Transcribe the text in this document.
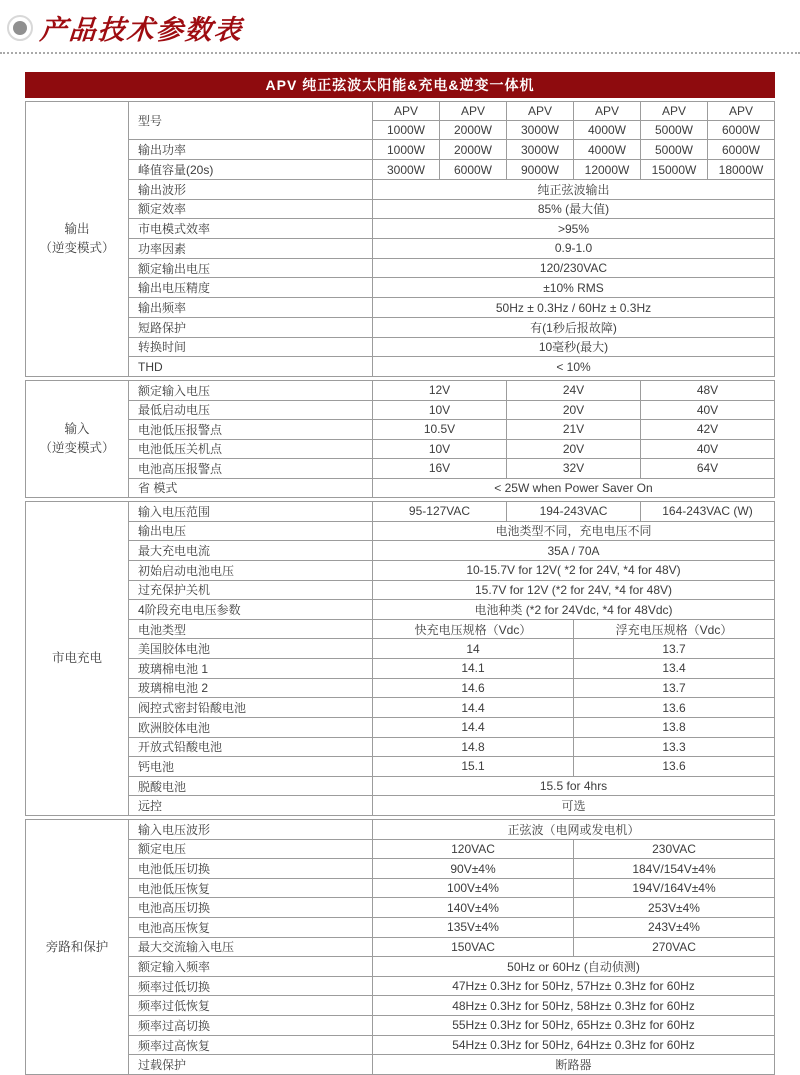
产品技术参数表
APV 纯正弦波太阳能&充电&逆变一体机
输出
（逆变模式）
型号
APV	APV	APV	APV	APV	APV
1000W	2000W	3000W	4000W	5000W	6000W
输出功率	1000W	2000W	3000W	4000W	5000W	6000W
峰值容量(20s)	3000W	6000W	9000W	12000W	15000W	18000W
输出波形	纯正弦波输出
额定效率	85% (最大值)
市电模式效率	>95%
功率因素	0.9-1.0
额定输出电压	120/230VAC
输出电压精度	±10% RMS
输出频率	50Hz ± 0.3Hz / 60Hz ± 0.3Hz
短路保护	有(1秒后报故障)
转换时间	10毫秒(最大)
THD	< 10%
输入
（逆变模式）
额定输入电压	12V	24V	48V
最低启动电压	10V	20V	40V
电池低压报警点	10.5V	21V	42V
电池低压关机点	10V	20V	40V
电池高压报警点	16V	32V	64V
省 模式	< 25W when Power Saver On
市电充电
输入电压范围	95-127VAC	194-243VAC	164-243VAC (W)
输出电压	电池类型不同，充电电压不同
最大充电电流	35A / 70A
初始启动电池电压	10-15.7V for 12V( *2 for 24V, *4 for 48V)
过充保护关机	15.7V for 12V (*2 for 24V, *4 for 48V)
4阶段充电电压参数	电池种类 (*2 for 24Vdc, *4 for 48Vdc)
电池类型	快充电压规格（Vdc）	浮充电压规格（Vdc）
美国胶体电池	14	13.7
玻璃棉电池 1	14.1	13.4
玻璃棉电池 2	14.6	13.7
阀控式密封铅酸电池	14.4	13.6
欧洲胶体电池	14.4	13.8
开放式铅酸电池	14.8	13.3
钙电池	15.1	13.6
脱酸电池	15.5 for 4hrs
远控	可选
旁路和保护
输入电压波形	正弦波（电网或发电机）
额定电压	120VAC	230VAC
电池低压切换	90V±4%	184V/154V±4%
电池低压恢复	100V±4%	194V/164V±4%
电池高压切换	140V±4%	253V±4%
电池高压恢复	135V±4%	243V±4%
最大交流输入电压	150VAC	270VAC
额定输入频率	50Hz or 60Hz (自动侦测)
频率过低切换	47Hz± 0.3Hz for 50Hz, 57Hz± 0.3Hz for 60Hz
频率过低恢复	48Hz± 0.3Hz for 50Hz, 58Hz± 0.3Hz for 60Hz
频率过高切换	55Hz± 0.3Hz for 50Hz, 65Hz± 0.3Hz for 60Hz
频率过高恢复	54Hz± 0.3Hz for 50Hz, 64Hz± 0.3Hz for 60Hz
过载保护	断路器
